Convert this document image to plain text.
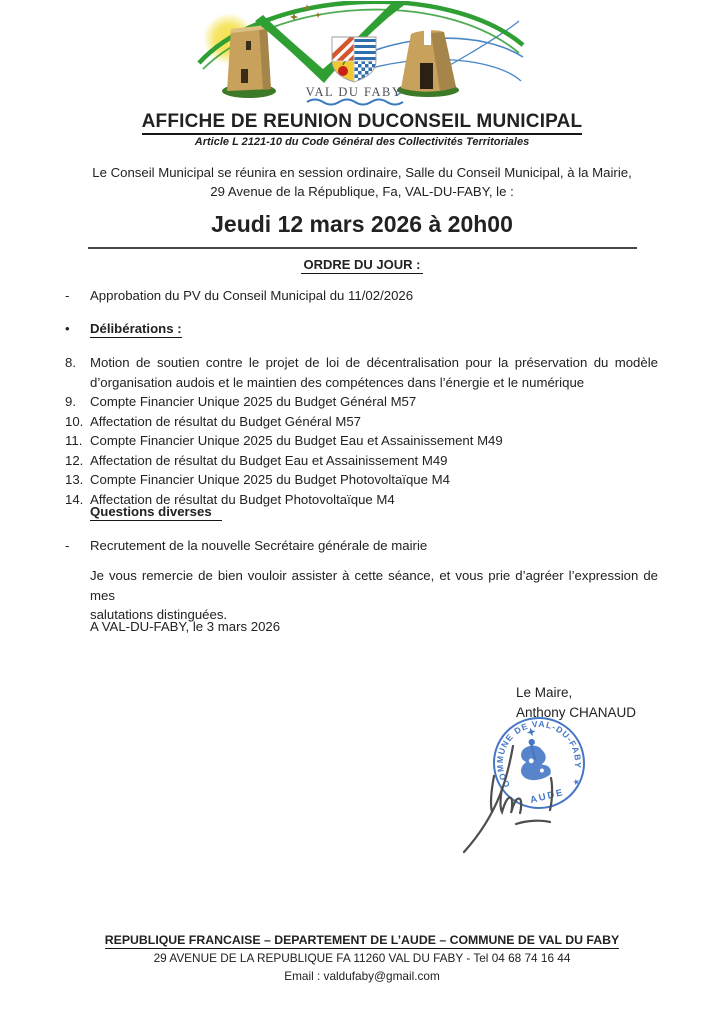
VAL DU FABY
AFFICHE DE REUNION DUCONSEIL MUNICIPAL
Article L 2121-10 du Code Général des Collectivités Territoriales
Le Conseil Municipal se réunira en session ordinaire, Salle du Conseil Municipal, à la Mairie,
29 Avenue de la République, Fa, VAL-DU-FABY, le :
Jeudi 12 mars 2026 à 20h00
ORDRE DU JOUR :
-	Approbation du PV du Conseil Municipal du 11/02/2026
•	Délibérations :
8.	Motion de soutien contre le projet de loi de décentralisation pour la préservation du modèle d’organisation audois et le maintien des compétences dans l’énergie et le numérique
9.	Compte Financier Unique 2025 du Budget Général M57
10. Affectation de résultat du Budget Général M57
11. Compte Financier Unique 2025 du Budget Eau et Assainissement M49
12. Affectation de résultat du Budget Eau et Assainissement M49
13. Compte Financier Unique 2025 du Budget Photovoltaïque M4
14. Affectation de résultat du Budget Photovoltaïque M4
Questions diverses
-	Recrutement de la nouvelle Secrétaire générale de mairie
Je vous remercie de bien vouloir assister à cette séance, et vous prie d’agréer l’expression de mes
salutations distinguées.
A VAL-DU-FABY, le 3 mars 2026
Le Maire,
Anthony CHANAUD
COMMUNE DE VAL-DU-FABY
AUDE
★
REPUBLIQUE FRANCAISE – DEPARTEMENT DE L’AUDE – COMMUNE DE VAL DU FABY
29 AVENUE DE LA REPUBLIQUE FA 11260 VAL DU FABY - Tel 04 68 74 16 44
Email : valdufaby@gmail.com
